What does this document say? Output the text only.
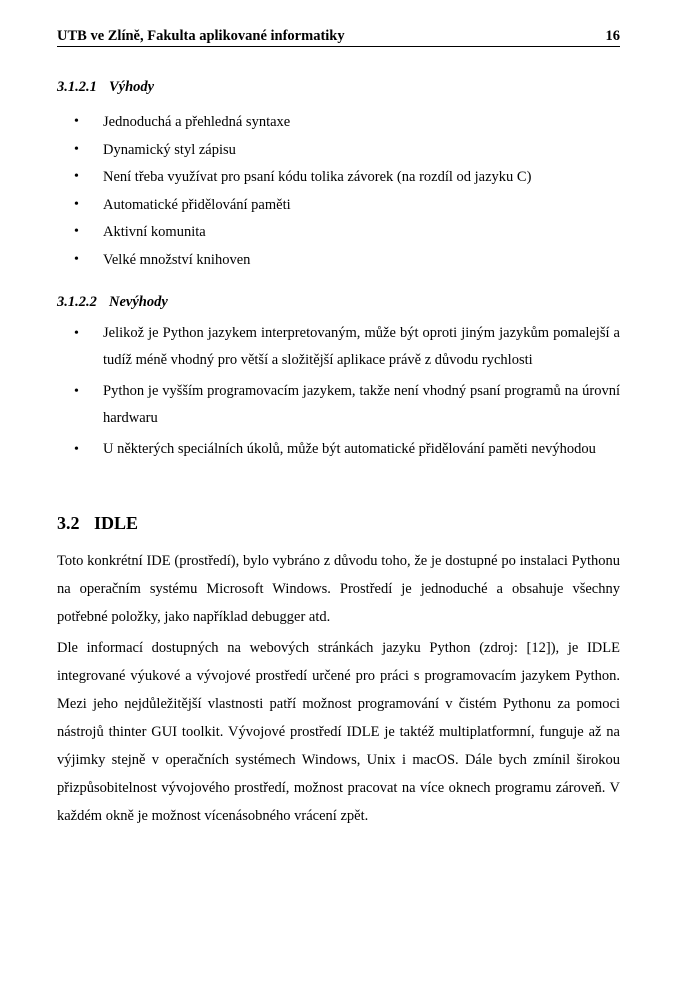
UTB ve Zlíně, Fakulta aplikované informatiky	16
3.1.2.1 Výhody
• Jednoduchá a přehledná syntaxe
• Dynamický styl zápisu
• Není třeba využívat pro psaní kódu tolika závorek (na rozdíl od jazyku C)
• Automatické přidělování paměti
• Aktivní komunita
• Velké množství knihoven
3.1.2.2 Nevýhody
• Jelikož je Python jazykem interpretovaným, může být oproti jiným jazykům pomalejší a tudíž méně vhodný pro větší a složitější aplikace právě z důvodu rychlosti
• Python je vyšším programovacím jazykem, takže není vhodný psaní programů na úrovní hardwaru
• U některých speciálních úkolů, může být automatické přidělování paměti nevýhodou
3.2 IDLE

Toto konkrétní IDE (prostředí), bylo vybráno z důvodu toho, že je dostupné po instalaci Pythonu na operačním systému Microsoft Windows. Prostředí je jednoduché a obsahuje všechny potřebné položky, jako například debugger atd.

Dle informací dostupných na webových stránkách jazyku Python (zdroj: [12]), je IDLE integrované výukové a vývojové prostředí určené pro práci s programovacím jazykem Python. Mezi jeho nejdůležitější vlastnosti patří možnost programování v čistém Pythonu za pomoci nástrojů thinter GUI toolkit. Vývojové prostředí IDLE je taktéž multiplatformní, funguje až na výjimky stejně v operačních systémech Windows, Unix i macOS. Dále bych zmínil širokou přizpůsobitelnost vývojového prostředí, možnost pracovat na více oknech programu zároveň. V každém okně je možnost vícenásobného vrácení zpět.
